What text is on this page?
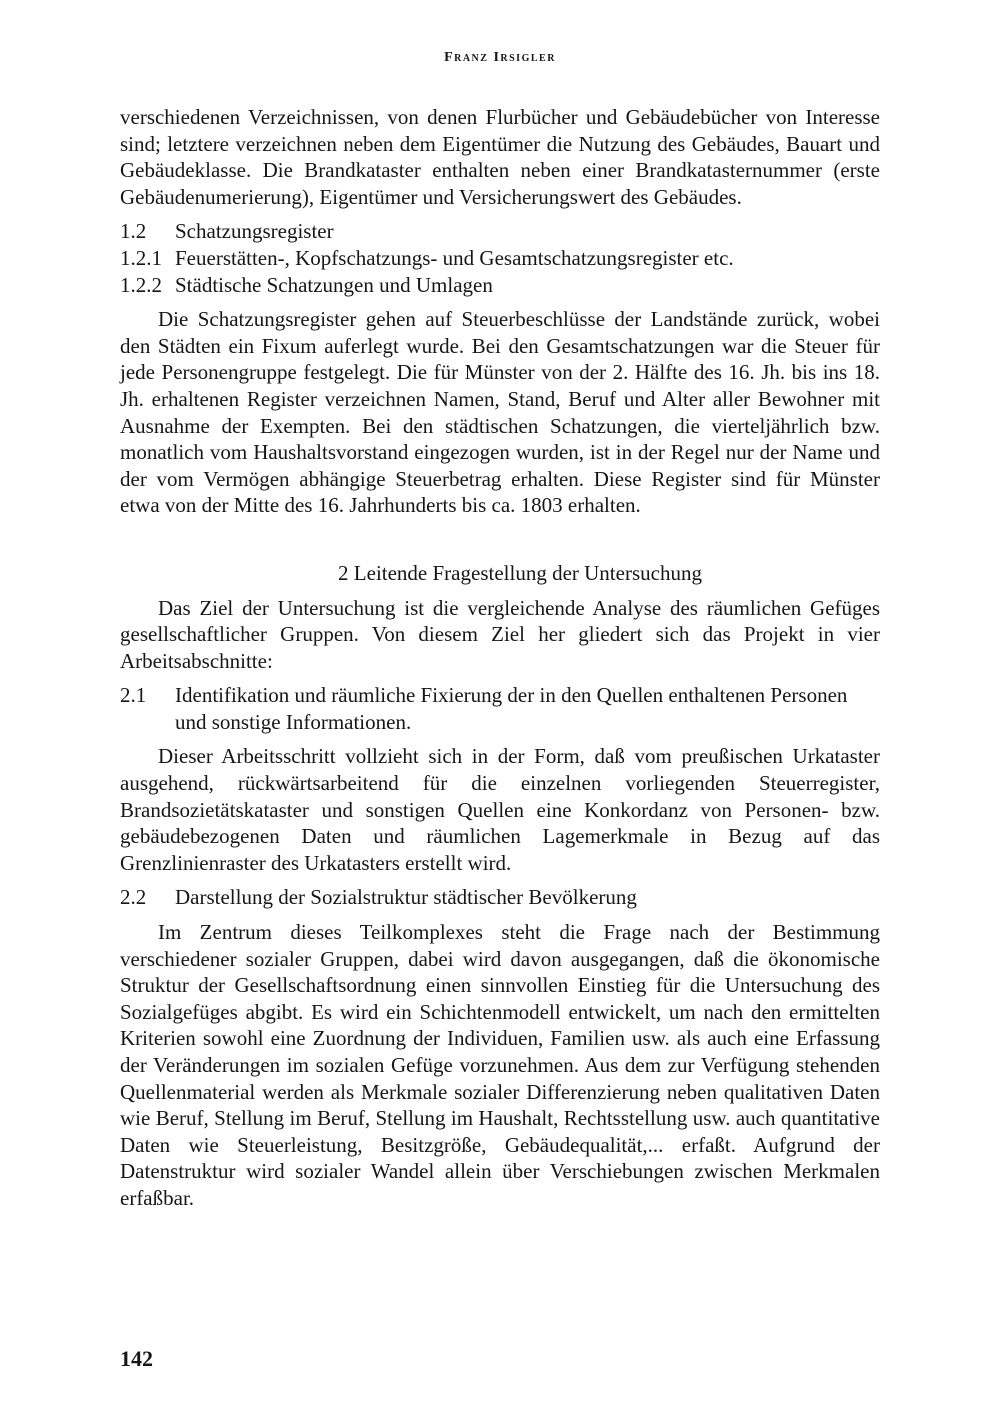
Franz Irsigler

verschiedenen Verzeichnissen, von denen Flurbücher und Gebäudebücher von Interesse sind; letztere verzeichnen neben dem Eigentümer die Nutzung des Gebäudes, Bauart und Gebäudeklasse. Die Brandkataster enthalten neben einer Brandkatasternummer (erste Gebäudenumerierung), Eigentümer und Versicherungswert des Gebäudes.

1.2	Schatzungsregister
1.2.1 Feuerstätten-, Kopfschatzungs- und Gesamtschatzungsregister etc.
1.2.2 Städtische Schatzungen und Umlagen

Die Schatzungsregister gehen auf Steuerbeschlüsse der Landstände zurück, wobei den Städten ein Fixum auferlegt wurde. Bei den Gesamtschatzungen war die Steuer für jede Personengruppe festgelegt. Die für Münster von der 2. Hälfte des 16. Jh. bis ins 18. Jh. erhaltenen Register verzeichnen Namen, Stand, Beruf und Alter aller Bewohner mit Ausnahme der Exempten. Bei den städtischen Schatzungen, die vierteljährlich bzw. monatlich vom Haushaltsvorstand eingezogen wurden, ist in der Regel nur der Name und der vom Vermögen abhängige Steuerbetrag erhalten. Diese Register sind für Münster etwa von der Mitte des 16. Jahrhunderts bis ca. 1803 erhalten.

2 Leitende Fragestellung der Untersuchung

Das Ziel der Untersuchung ist die vergleichende Analyse des räumlichen Gefüges gesellschaftlicher Gruppen. Von diesem Ziel her gliedert sich das Projekt in vier Arbeitsabschnitte:

2.1 Identifikation und räumliche Fixierung der in den Quellen enthaltenen Personen und sonstige Informationen.

Dieser Arbeitsschritt vollzieht sich in der Form, daß vom preußischen Urkataster ausgehend, rückwärtsarbeitend für die einzelnen vorliegenden Steuerregister, Brandsozietätskataster und sonstigen Quellen eine Konkordanz von Personen- bzw. gebäudebezogenen Daten und räumlichen Lagemerkmale in Bezug auf das Grenzlinienraster des Urkatasters erstellt wird.

2.2	Darstellung der Sozialstruktur städtischer Bevölkerung

Im Zentrum dieses Teilkomplexes steht die Frage nach der Bestimmung verschiedener sozialer Gruppen, dabei wird davon ausgegangen, daß die ökonomische Struktur der Gesellschaftsordnung einen sinnvollen Einstieg für die Untersuchung des Sozialgefüges abgibt. Es wird ein Schichtenmodell entwickelt, um nach den ermittelten Kriterien sowohl eine Zuordnung der Individuen, Familien usw. als auch eine Erfassung der Veränderungen im sozialen Gefüge vorzunehmen. Aus dem zur Verfügung stehenden Quellenmaterial werden als Merkmale sozialer Differenzierung neben qualitativen Daten wie Beruf, Stellung im Beruf, Stellung im Haushalt, Rechtsstellung usw. auch quantitative Daten wie Steuerleistung, Besitzgröße, Gebäudequalität,... erfaßt. Aufgrund der Datenstruktur wird sozialer Wandel allein über Verschiebungen zwischen Merkmalen erfaßbar.

142
